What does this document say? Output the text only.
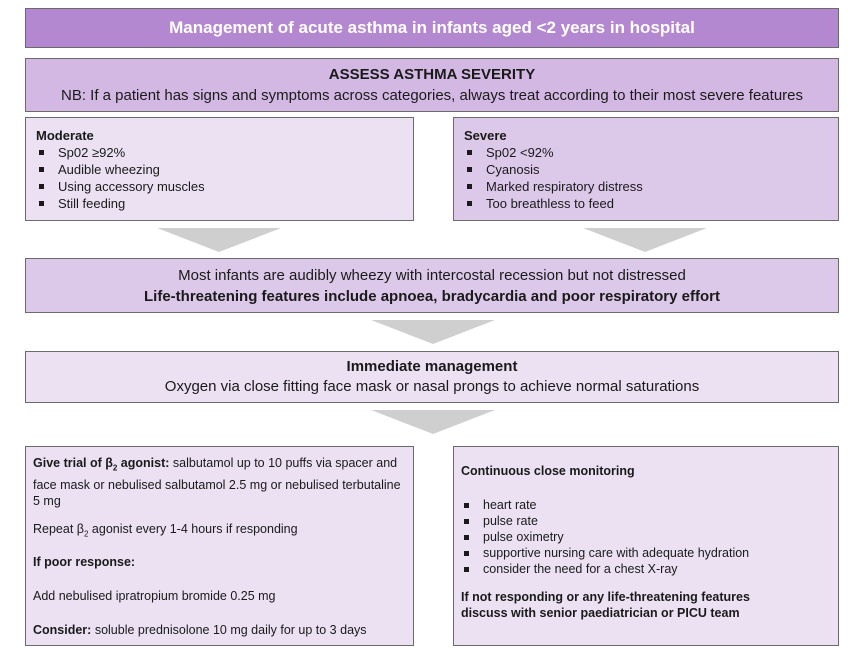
Management of acute asthma in infants aged <2 years in hospital
ASSESS ASTHMA SEVERITY
NB: If a patient has signs and symptoms across categories, always treat according to their most severe features
Moderate
Sp02 ≥92%
Audible wheezing
Using accessory muscles
Still feeding
Severe
Sp02 <92%
Cyanosis
Marked respiratory distress
Too breathless to feed
Most infants are audibly wheezy with intercostal recession but not distressed
Life-threatening features include apnoea, bradycardia and poor respiratory effort
Immediate management
Oxygen via close fitting face mask or nasal prongs to achieve normal saturations
Give trial of $\beta_2$ agonist: salbutamol up to 10 puffs via spacer and face mask or nebulised salbutamol 2.5 mg or nebulised terbutaline 5 mg
Repeat $\beta_2$ agonist every 1-4 hours if responding
If poor response:
Add nebulised ipratropium bromide 0.25 mg
Consider: soluble prednisolone 10 mg daily for up to 3 days
Continuous close monitoring
heart rate
pulse rate
pulse oximetry
supportive nursing care with adequate hydration
consider the need for a chest X-ray
If not responding or any life-threatening features
discuss with senior paediatrician or PICU team
